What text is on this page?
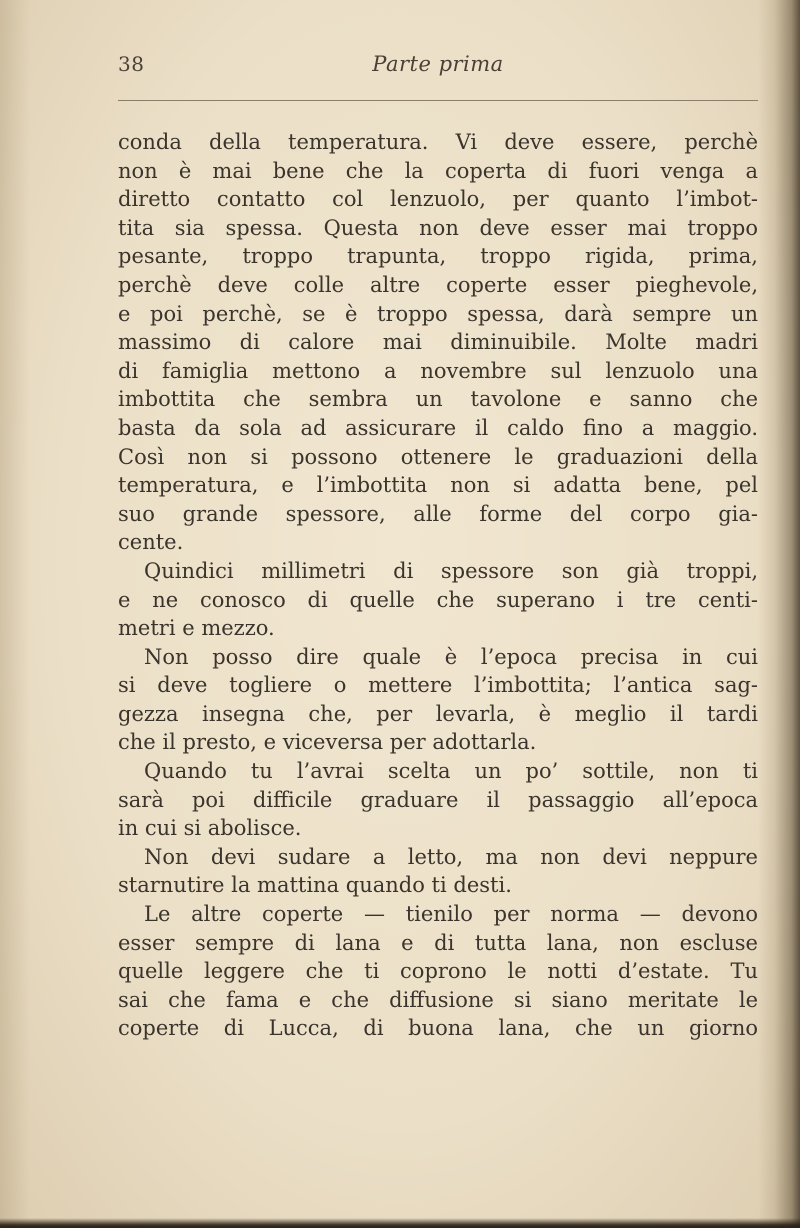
38	Parte prima
conda della temperatura. Vi deve essere, perchè
non è mai bene che la coperta di fuori venga a
diretto contatto col lenzuolo, per quanto l’imbot-
tita sia spessa. Questa non deve esser mai troppo
pesante, troppo trapunta, troppo rigida, prima,
perchè deve colle altre coperte esser pieghevole,
e poi perchè, se è troppo spessa, darà sempre un
massimo di calore mai diminuibile. Molte madri
di famiglia mettono a novembre sul lenzuolo una
imbottita che sembra un tavolone e sanno che
basta da sola ad assicurare il caldo fino a maggio.
Così non si possono ottenere le graduazioni della
temperatura, e l’imbottita non si adatta bene, pel
suo grande spessore, alle forme del corpo gia-
cente.
Quindici millimetri di spessore son già troppi,
e ne conosco di quelle che superano i tre centi-
metri e mezzo.
Non posso dire quale è l’epoca precisa in cui
si deve togliere o mettere l’imbottita; l’antica sag-
gezza insegna che, per levarla, è meglio il tardi
che il presto, e viceversa per adottarla.
Quando tu l’avrai scelta un po’ sottile, non ti
sarà poi difficile graduare il passaggio all’epoca
in cui si abolisce.
Non devi sudare a letto, ma non devi neppure
starnutire la mattina quando ti desti.
Le altre coperte — tienilo per norma — devono
esser sempre di lana e di tutta lana, non escluse
quelle leggere che ti coprono le notti d’estate. Tu
sai che fama e che diffusione si siano meritate le
coperte di Lucca, di buona lana, che un giorno
